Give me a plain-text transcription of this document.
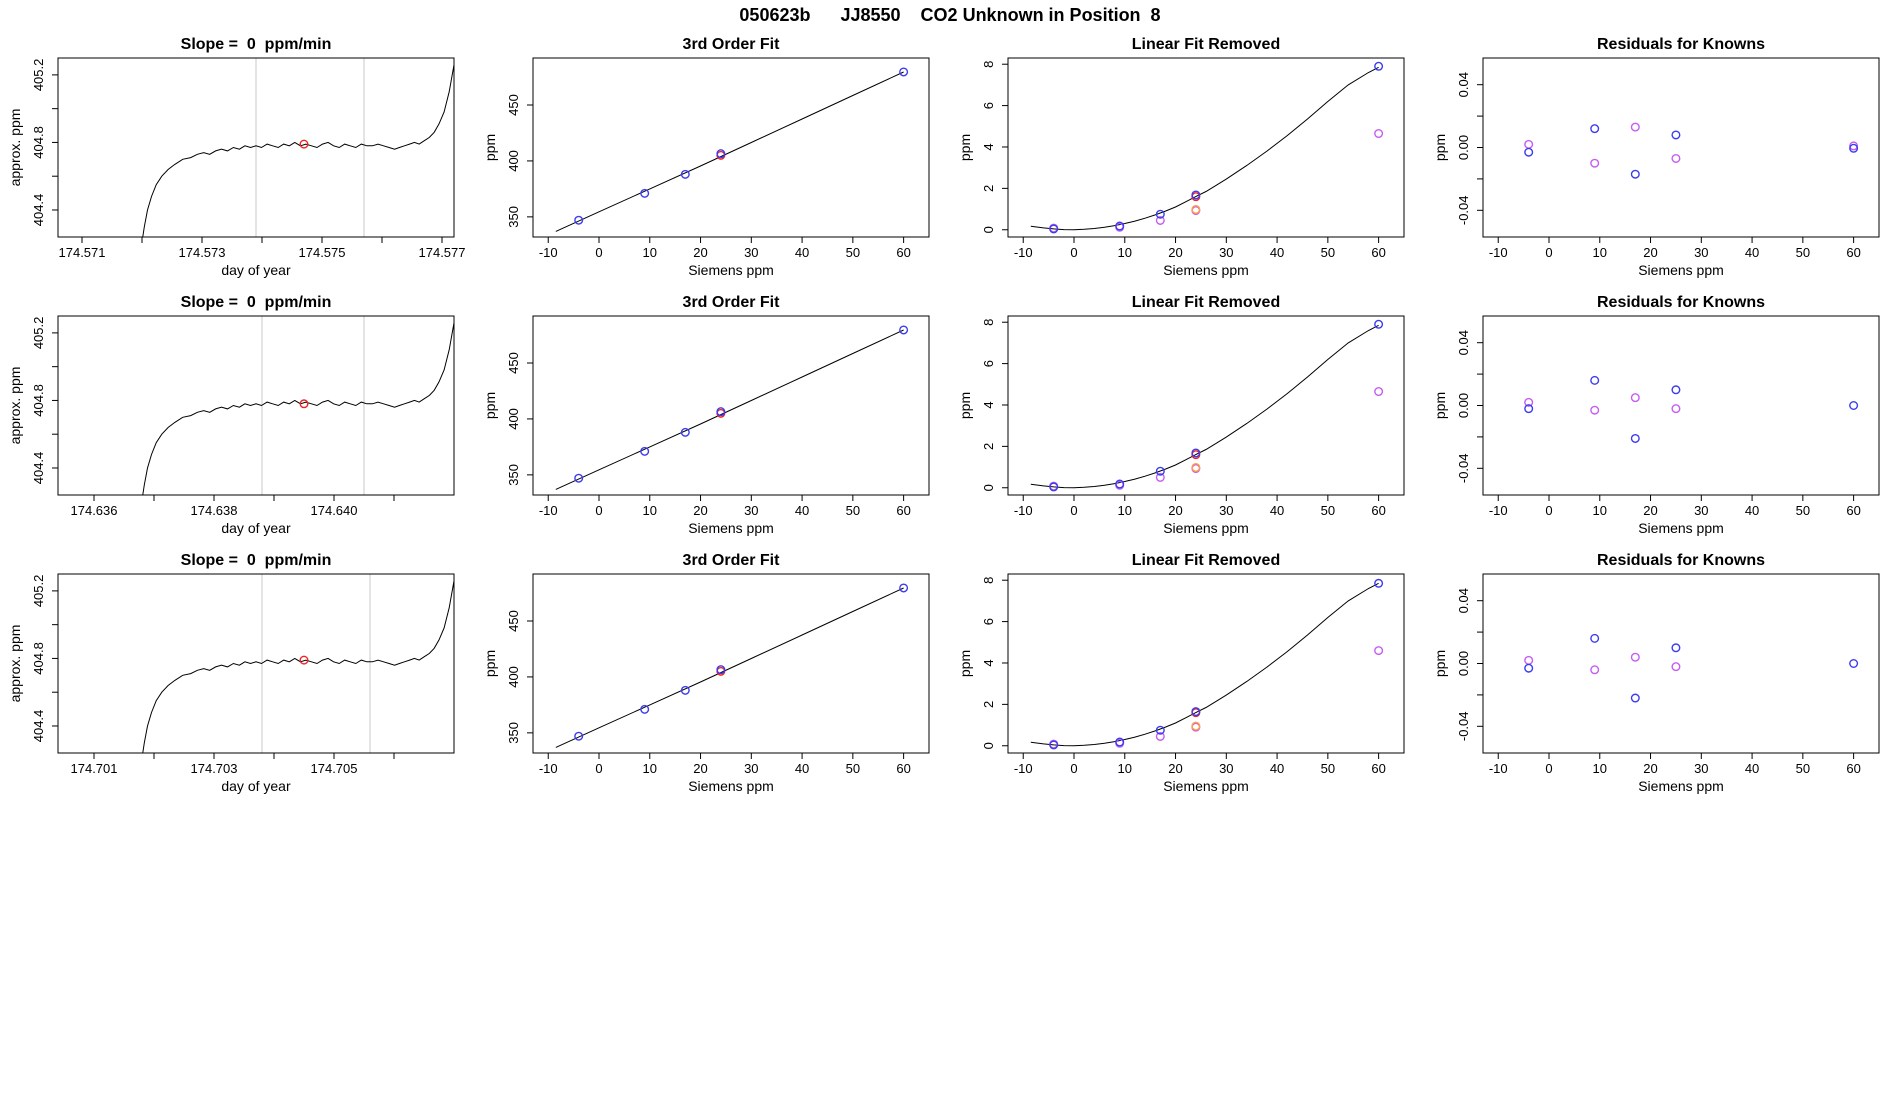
050623b      JJ8550    CO2 Unknown in Position  8
174.571	174.573	174.575	174.577
404.4
404.8
405.2
Slope =  0  ppm/min
day of year
approx. ppm
-10	0	10	20	30	40	50	60
350
400
450
3rd Order Fit
Siemens ppm
ppm
-10	0	10	20	30	40	50	60
0
2
4
6
8
Linear Fit Removed
Siemens ppm
ppm
-10	0	10	20	30	40	50	60
-0.04
0.00
0.04
Residuals for Knowns
Siemens ppm
ppm
174.636	174.638	174.640
404.4
404.8
405.2
Slope =  0  ppm/min
day of year
approx. ppm
-10	0	10	20	30	40	50	60
350
400
450
3rd Order Fit
Siemens ppm
ppm
-10	0	10	20	30	40	50	60
0
2
4
6
8
Linear Fit Removed
Siemens ppm
ppm
-10	0	10	20	30	40	50	60
-0.04
0.00
0.04
Residuals for Knowns
Siemens ppm
ppm
174.701	174.703	174.705
404.4
404.8
405.2
Slope =  0  ppm/min
day of year
approx. ppm
-10	0	10	20	30	40	50	60
350
400
450
3rd Order Fit
Siemens ppm
ppm
-10	0	10	20	30	40	50	60
0
2
4
6
8
Linear Fit Removed
Siemens ppm
ppm
-10	0	10	20	30	40	50	60
-0.04
0.00
0.04
Residuals for Knowns
Siemens ppm
ppm
